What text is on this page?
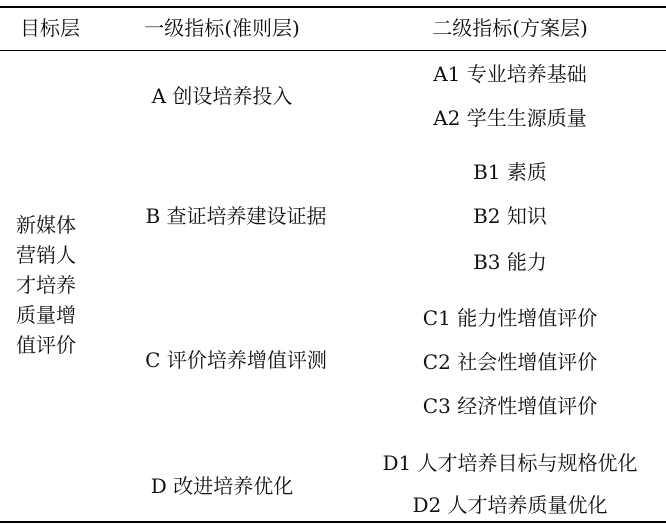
目标层	一级指标(准则层)	二级指标(方案层)
新媒体
营销人
才培养
质量增
值评价
A 创设培养投入
B 查证培养建设证据
C 评价培养增值评测
D 改进培养优化
A1 专业培养基础
A2 学生生源质量
B1 素质
B2 知识
B3 能力
C1 能力性增值评价
C2 社会性增值评价
C3 经济性增值评价
D1 人才培养目标与规格优化
D2 人才培养质量优化
